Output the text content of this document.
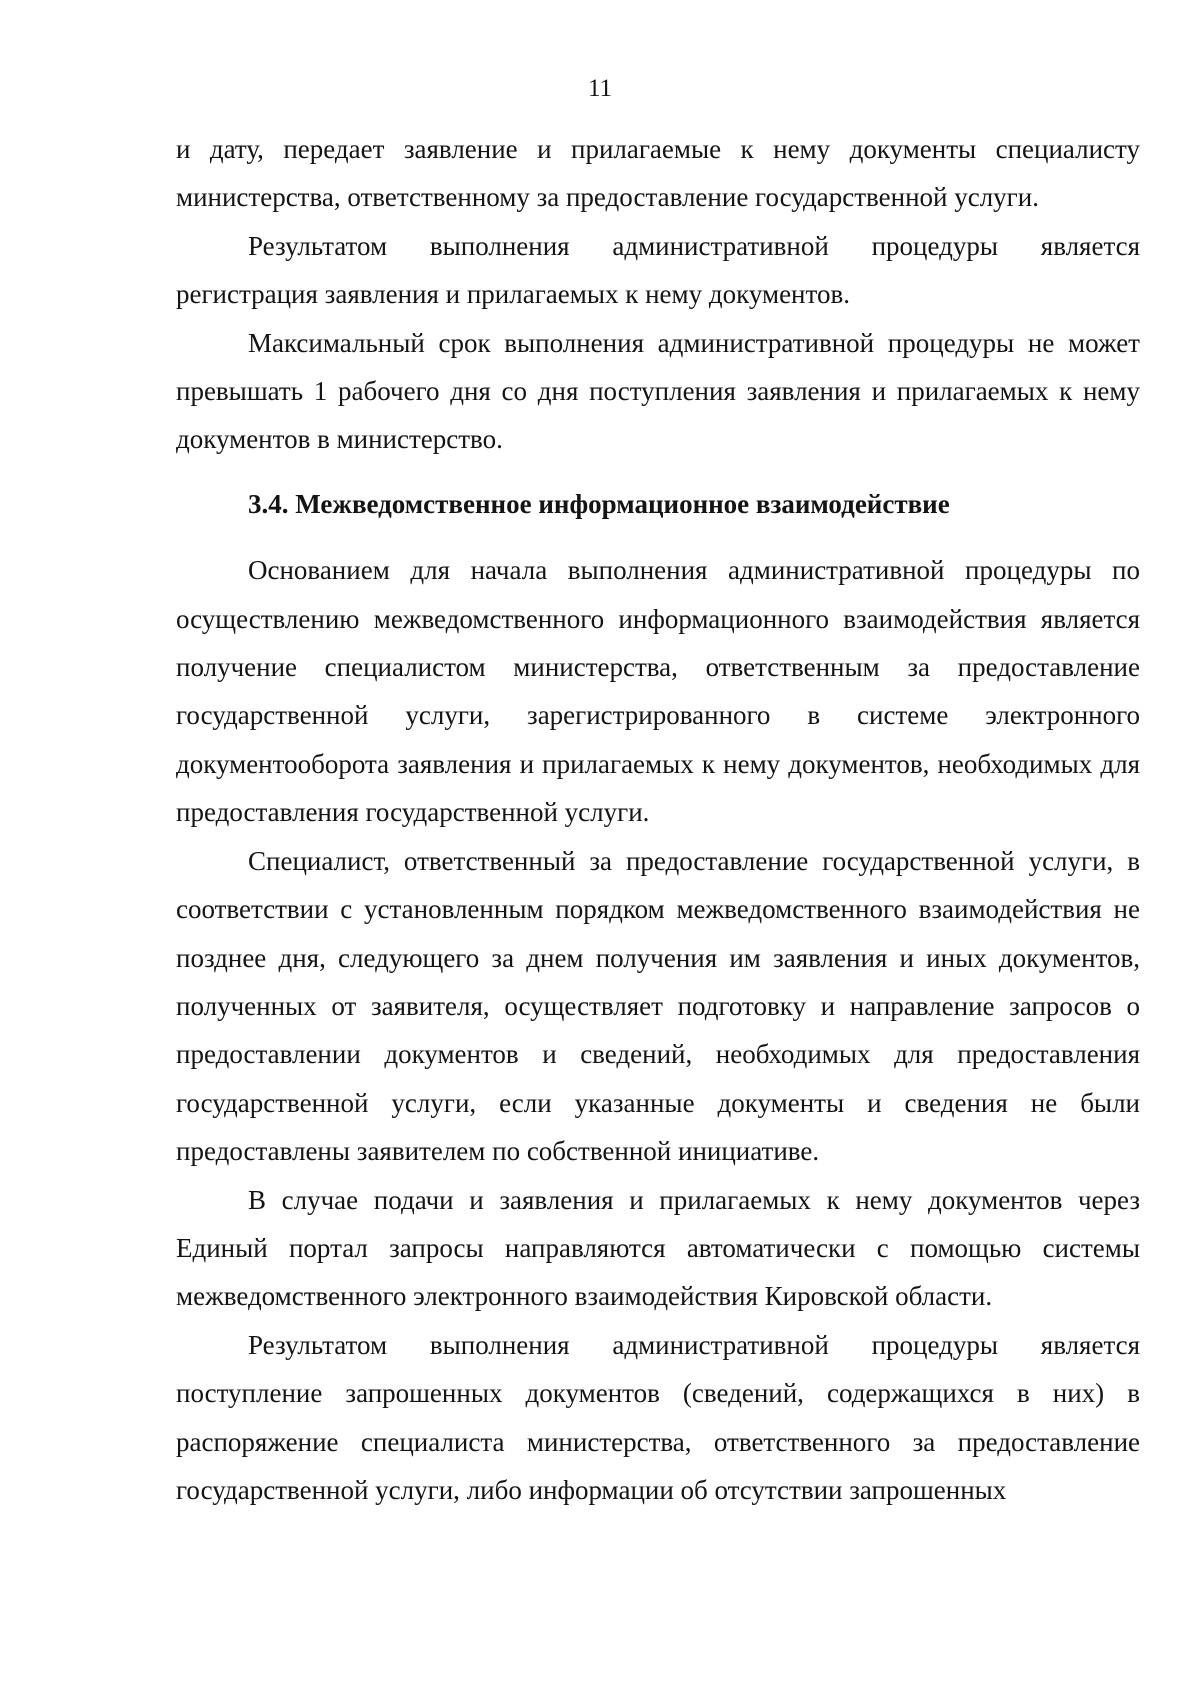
11

и дату, передает заявление и прилагаемые к нему документы специалисту министерства, ответственному за предоставление государственной услуги.

Результатом выполнения административной процедуры является регистрация заявления и прилагаемых к нему документов.

Максимальный срок выполнения административной процедуры не может превышать 1 рабочего дня со дня поступления заявления и прилагаемых к нему документов в министерство.

3.4. Межведомственное информационное взаимодействие

Основанием для начала выполнения административной процедуры по осуществлению межведомственного информационного взаимодействия является получение специалистом министерства, ответственным за предоставление государственной услуги, зарегистрированного в системе электронного документооборота заявления и прилагаемых к нему документов, необходимых для предоставления государственной услуги.

Специалист, ответственный за предоставление государственной услуги, в соответствии с установленным порядком межведомственного взаимодействия не позднее дня, следующего за днем получения им заявления и иных документов, полученных от заявителя, осуществляет подготовку и направление запросов о предоставлении документов и сведений, необходимых для предоставления государственной услуги, если указанные документы и сведения не были предоставлены заявителем по собственной инициативе.

В случае подачи и заявления и прилагаемых к нему документов через Единый портал запросы направляются автоматически с помощью системы межведомственного электронного взаимодействия Кировской области.

Результатом выполнения административной процедуры является поступление запрошенных документов (сведений, содержащихся в них) в распоряжение специалиста министерства, ответственного за предоставление государственной услуги, либо информации об отсутствии запрошенных
